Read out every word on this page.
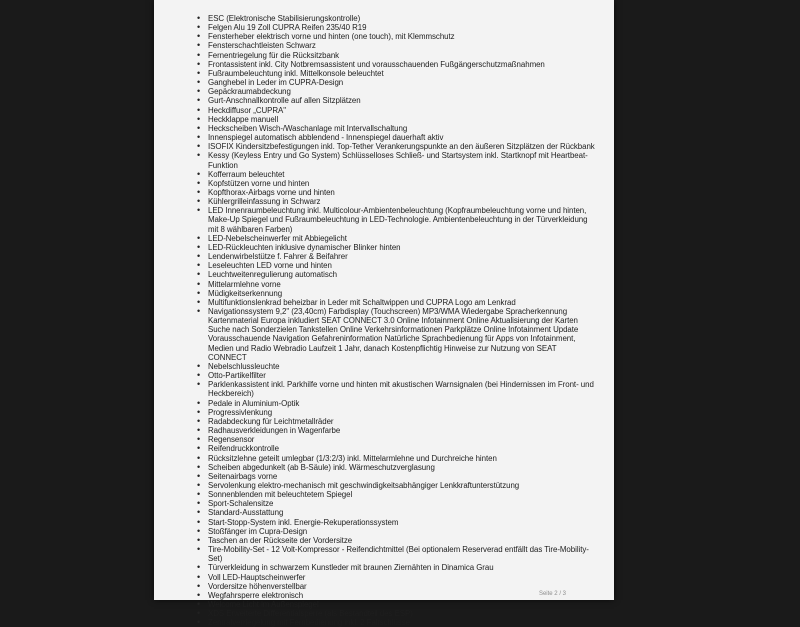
• ESC (Elektronische Stabilisierungskontrolle)
• Felgen Alu 19 Zoll CUPRA Reifen 235/40 R19
• Fensterheber elektrisch vorne und hinten (one touch), mit Klemmschutz
• Fensterschachtleisten Schwarz
• Fernentriegelung für die Rücksitzbank
• Frontassistent inkl. City Notbremsassistent und vorausschauenden Fußgängerschutzmaßnahmen
• Fußraumbeleuchtung inkl. Mittelkonsole beleuchtet
• Ganghebel in Leder im CUPRA-Design
• Gepäckraumabdeckung
• Gurt-Anschnallkontrolle auf allen Sitzplätzen
• Heckdiffusor „CUPRA"
• Heckklappe manuell
• Heckscheiben Wisch-/Waschanlage mit Intervallschaltung
• Innenspiegel automatisch abblendend - Innenspiegel dauerhaft aktiv
• ISOFIX Kindersitzbefestigungen inkl. Top-Tether Verankerungspunkte an den äußeren Sitzplätzen der Rückbank
• Kessy (Keyless Entry und Go System) Schlüsselloses Schließ- und Startsystem inkl. Startknopf mit Heartbeat-Funktion
• Kofferraum beleuchtet
• Kopfstützen vorne und hinten
• Kopfthorax-Airbags vorne und hinten
• Kühlergrilleinfassung in Schwarz
• LED Innenraumbeleuchtung inkl. Multicolour-Ambientenbeleuchtung (Kopfraumbeleuchtung vorne und hinten, Make-Up Spiegel und Fußraumbeleuchtung in LED-Technologie. Ambientenbeleuchtung in der Türverkleidung mit 8 wählbaren Farben)
• LED-Nebelscheinwerfer mit Abbiegelicht
• LED-Rückleuchten inklusive dynamischer Blinker hinten
• Lendenwirbelstütze f. Fahrer & Beifahrer
• Leseleuchten LED vorne und hinten
• Leuchtweitenregulierung automatisch
• Mittelarmlehne vorne
• Müdigkeitserkennung
• Multifunktionslenkrad beheizbar in Leder mit Schaltwippen und CUPRA Logo am Lenkrad
• Navigationssystem 9,2" (23,40cm) Farbdisplay (Touchscreen) MP3/WMA Wiedergabe Spracherkennung Kartenmaterial Europa inkludiert SEAT CONNECT 3.0 Online Infotainment Online Aktualisierung der Karten Suche nach Sonderzielen Tankstellen Online Verkehrsinformationen Parkplätze Online Infotainment Update Vorausschauende Navigation Gefahreninformation Natürliche Sprachbedienung für Apps von Infotainment, Medien und Radio Webradio Laufzeit 1 Jahr, danach Kostenpflichtig Hinweise zur Nutzung von SEAT CONNECT
• Nebelschlussleuchte
• Otto-Partikelfilter
• Parklenkassistent inkl. Parkhilfe vorne und hinten mit akustischen Warnsignalen (bei Hindernissen im Front- und Heckbereich)
• Pedale in Aluminium-Optik
• Progressivlenkung
• Radabdeckung für Leichtmetallräder
• Radhausverkleidungen in Wagenfarbe
• Regensensor
• Reifendruckkontrolle
• Rücksitzlehne geteilt umlegbar (1/3:2/3) inkl. Mittelarmlehne und Durchreiche hinten
• Scheiben abgedunkelt (ab B-Säule) inkl. Wärmeschutzverglasung
• Seitenairbags vorne
• Servolenkung elektro-mechanisch mit geschwindigkeitsabhängiger Lenkkraftunterstützung
• Sonnenblenden mit beleuchtetem Spiegel
• Sport-Schalensitze
• Standard-Ausstattung
• Start-Stopp-System inkl. Energie-Rekuperationssystem
• Stoßfänger im Cupra-Design
• Taschen an der Rückseite der Vordersitze
• Tire-Mobility-Set - 12 Volt-Kompressor - Reifendichtmittel (Bei optionalem Reserverad entfällt das Tire-Mobility-Set)
• Türverkleidung in schwarzem Kunstleder mit braunen Ziernähten in Dinamica Grau
• Voll LED-Hauptscheinwerfer
• Vordersitze höhenverstellbar
• Wegfahrsperre elektronisch
• Welcome Licht im Außenspiegel
• XDS Erweiterte Differentialsperre (als Bestandteil des ESP)
• Zentralverriegelung mit Fernbedienung inkl. 2 Faltschlüsse
Seite 2 / 3
